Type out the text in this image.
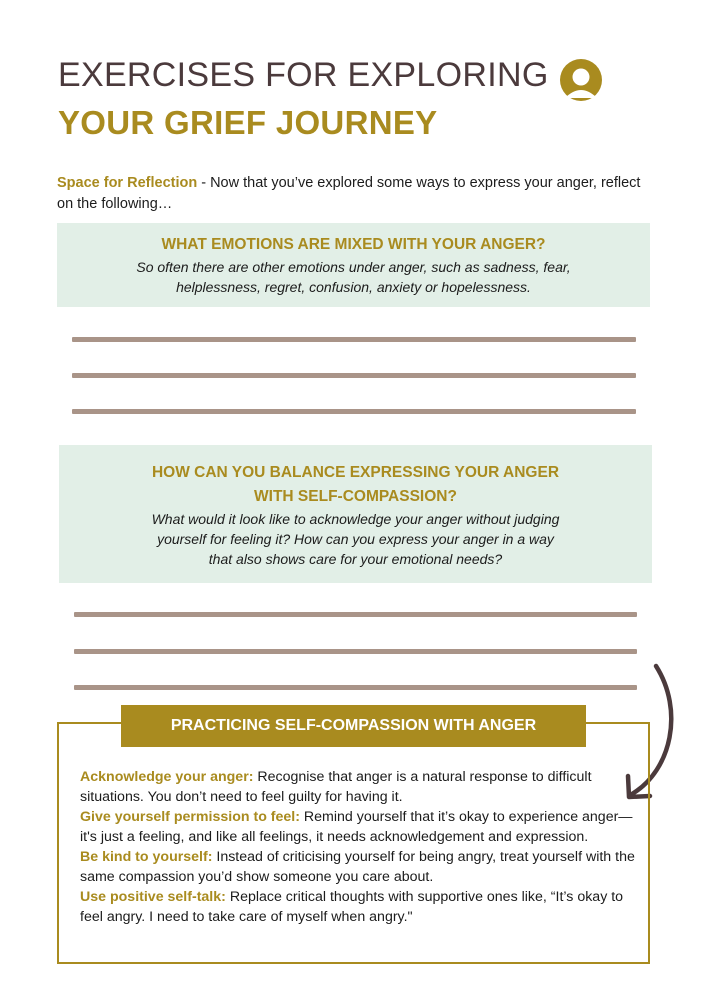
EXERCISES FOR EXPLORING
YOUR GRIEF JOURNEY
Space for Reflection - Now that you’ve explored some ways to express your anger, reflect on the following…
WHAT EMOTIONS ARE MIXED WITH YOUR ANGER?
So often there are other emotions under anger, such as sadness, fear, helplessness, regret, confusion, anxiety or hopelessness.
HOW CAN YOU BALANCE EXPRESSING YOUR ANGER WITH SELF-COMPASSION?
What would it look like to acknowledge your anger without judging yourself for feeling it? How can you express your anger in a way that also shows care for your emotional needs?
PRACTICING SELF-COMPASSION WITH ANGER

Acknowledge your anger: Recognise that anger is a natural response to difficult situations. You don’t need to feel guilty for having it.

Give yourself permission to feel: Remind yourself that it’s okay to experience anger—it's just a feeling, and like all feelings, it needs acknowledgement and expression.

Be kind to yourself: Instead of criticising yourself for being angry, treat yourself with the same compassion you’d show someone you care about.

Use positive self-talk: Replace critical thoughts with supportive ones like, “It’s okay to feel angry. I need to take care of myself when angry."
